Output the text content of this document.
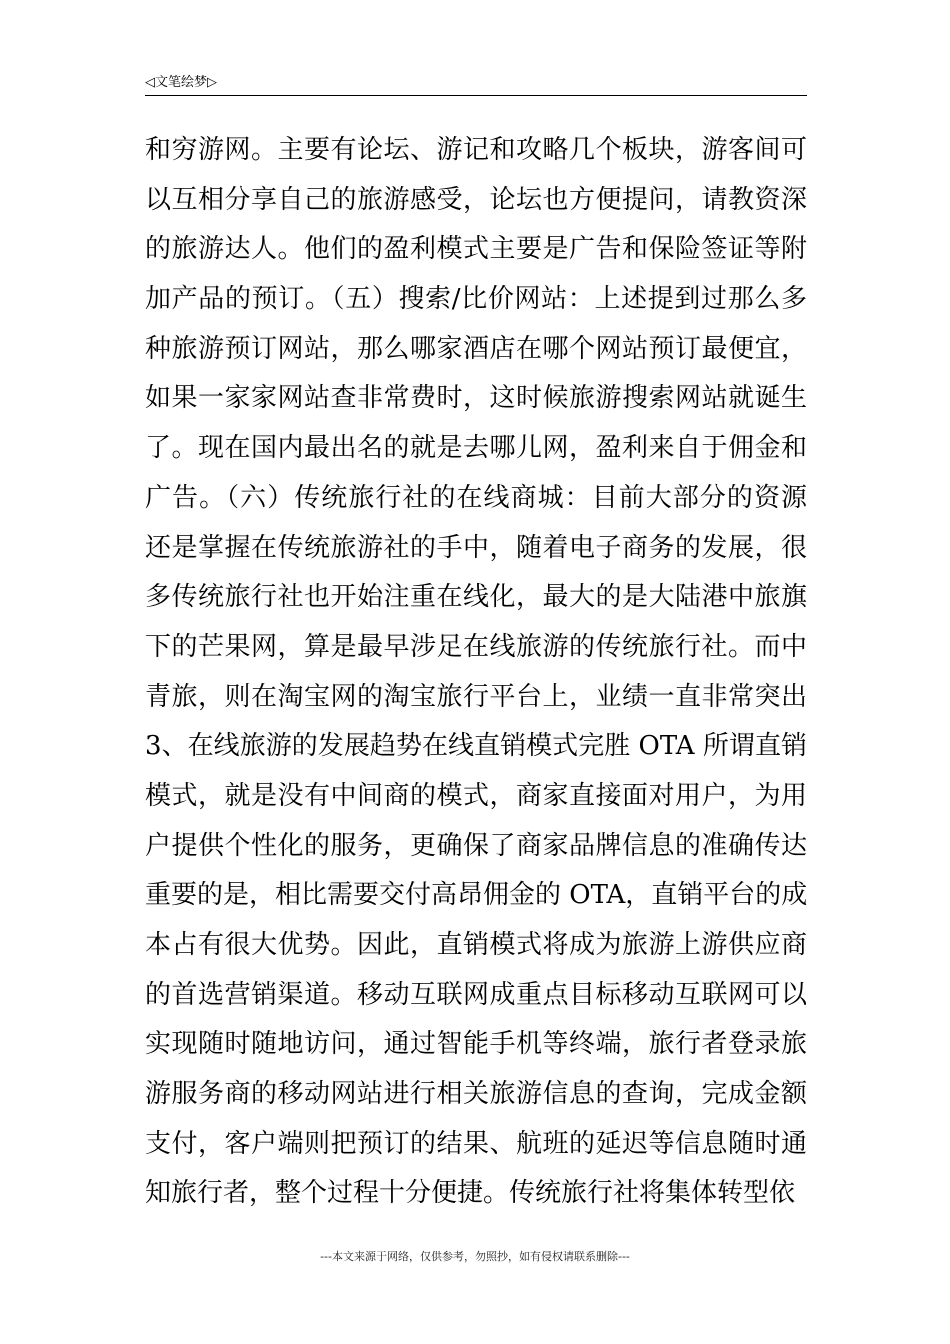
◁文笔绘梦▷
和穷游网。主要有论坛、游记和攻略几个板块，游客间可
以互相分享自己的旅游感受，论坛也方便提问，请教资深
的旅游达人。他们的盈利模式主要是广告和保险签证等附
加产品的预订。（五）搜索/比价网站：上述提到过那么多
种旅游预订网站，那么哪家酒店在哪个网站预订最便宜，
如果一家家网站查非常费时，这时候旅游搜索网站就诞生
了。现在国内最出名的就是去哪儿网，盈利来自于佣金和
广告。（六）传统旅行社的在线商城：目前大部分的资源
还是掌握在传统旅游社的手中，随着电子商务的发展，很
多传统旅行社也开始注重在线化，最大的是大陆港中旅旗
下的芒果网，算是最早涉足在线旅游的传统旅行社。而中
青旅，则在淘宝网的淘宝旅行平台上，业绩一直非常突出
3、在线旅游的发展趋势在线直销模式完胜 OTA 所谓直销
模式，就是没有中间商的模式，商家直接面对用户，为用
户提供个性化的服务，更确保了商家品牌信息的准确传达
重要的是，相比需要交付高昂佣金的 OTA，直销平台的成
本占有很大优势。因此，直销模式将成为旅游上游供应商
的首选营销渠道。移动互联网成重点目标移动互联网可以
实现随时随地访问，通过智能手机等终端，旅行者登录旅
游服务商的移动网站进行相关旅游信息的查询，完成金额
支付，客户端则把预订的结果、航班的延迟等信息随时通
知旅行者，整个过程十分便捷。传统旅行社将集体转型依
---本文来源于网络，仅供参考，勿照抄，如有侵权请联系删除---
